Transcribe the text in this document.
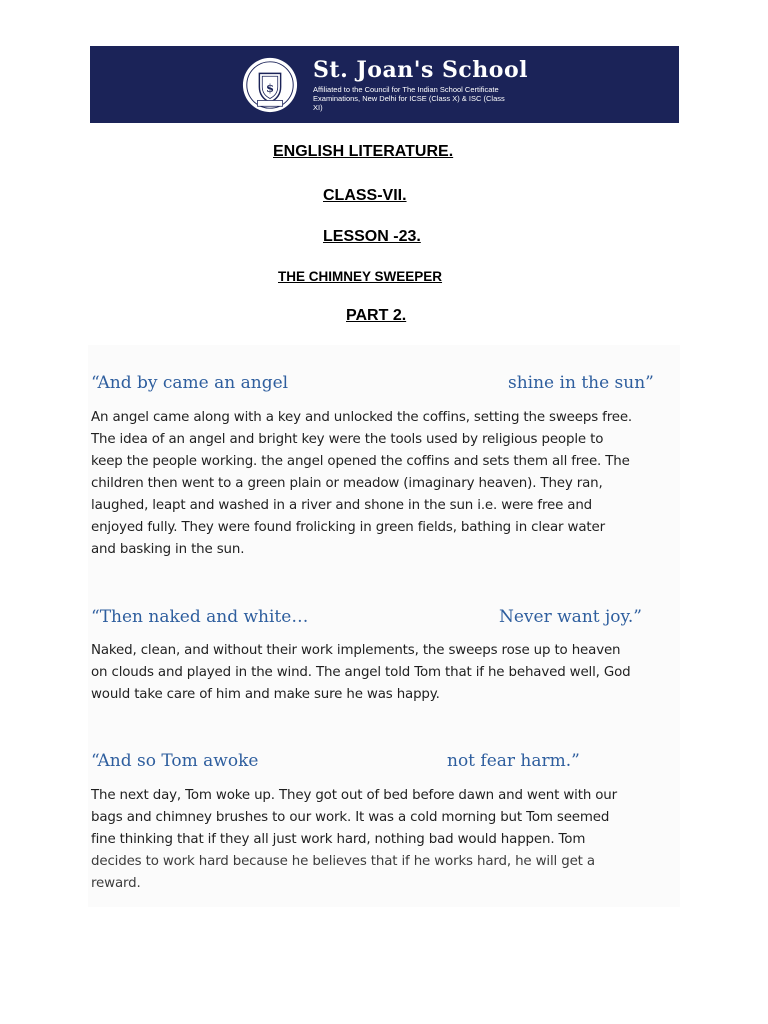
$
St. Joan's School
Affiliated to the Council for The Indian School Certificate Examinations, New Delhi for ICSE (Class X) & ISC (Class XI)
ENGLISH LITERATURE.
CLASS-VII.
LESSON -23.
THE CHIMNEY SWEEPER
PART 2.
“And by came an angel	shine in the sun”
An angel came along with a key and unlocked the coffins, setting the sweeps free.
The idea of an angel and bright key were the tools used by religious people to
keep the people working. the angel opened the coffins and sets them all free. The
children then went to a green plain or meadow (imaginary heaven). They ran,
laughed, leapt and washed in a river and shone in the sun i.e. were free and
enjoyed fully. They were found frolicking in green fields, bathing in clear water
and basking in the sun.
“Then naked and white…	Never want joy.”
Naked, clean, and without their work implements, the sweeps rose up to heaven
on clouds and played in the wind. The angel told Tom that if he behaved well, God
would take care of him and make sure he was happy.
“And so Tom awoke	not fear harm.”
The next day, Tom woke up. They got out of bed before dawn and went with our
bags and chimney brushes to our work. It was a cold morning but Tom seemed
fine thinking that if they all just work hard, nothing bad would happen. Tom
decides to work hard because he believes that if he works hard, he will get a
reward.
